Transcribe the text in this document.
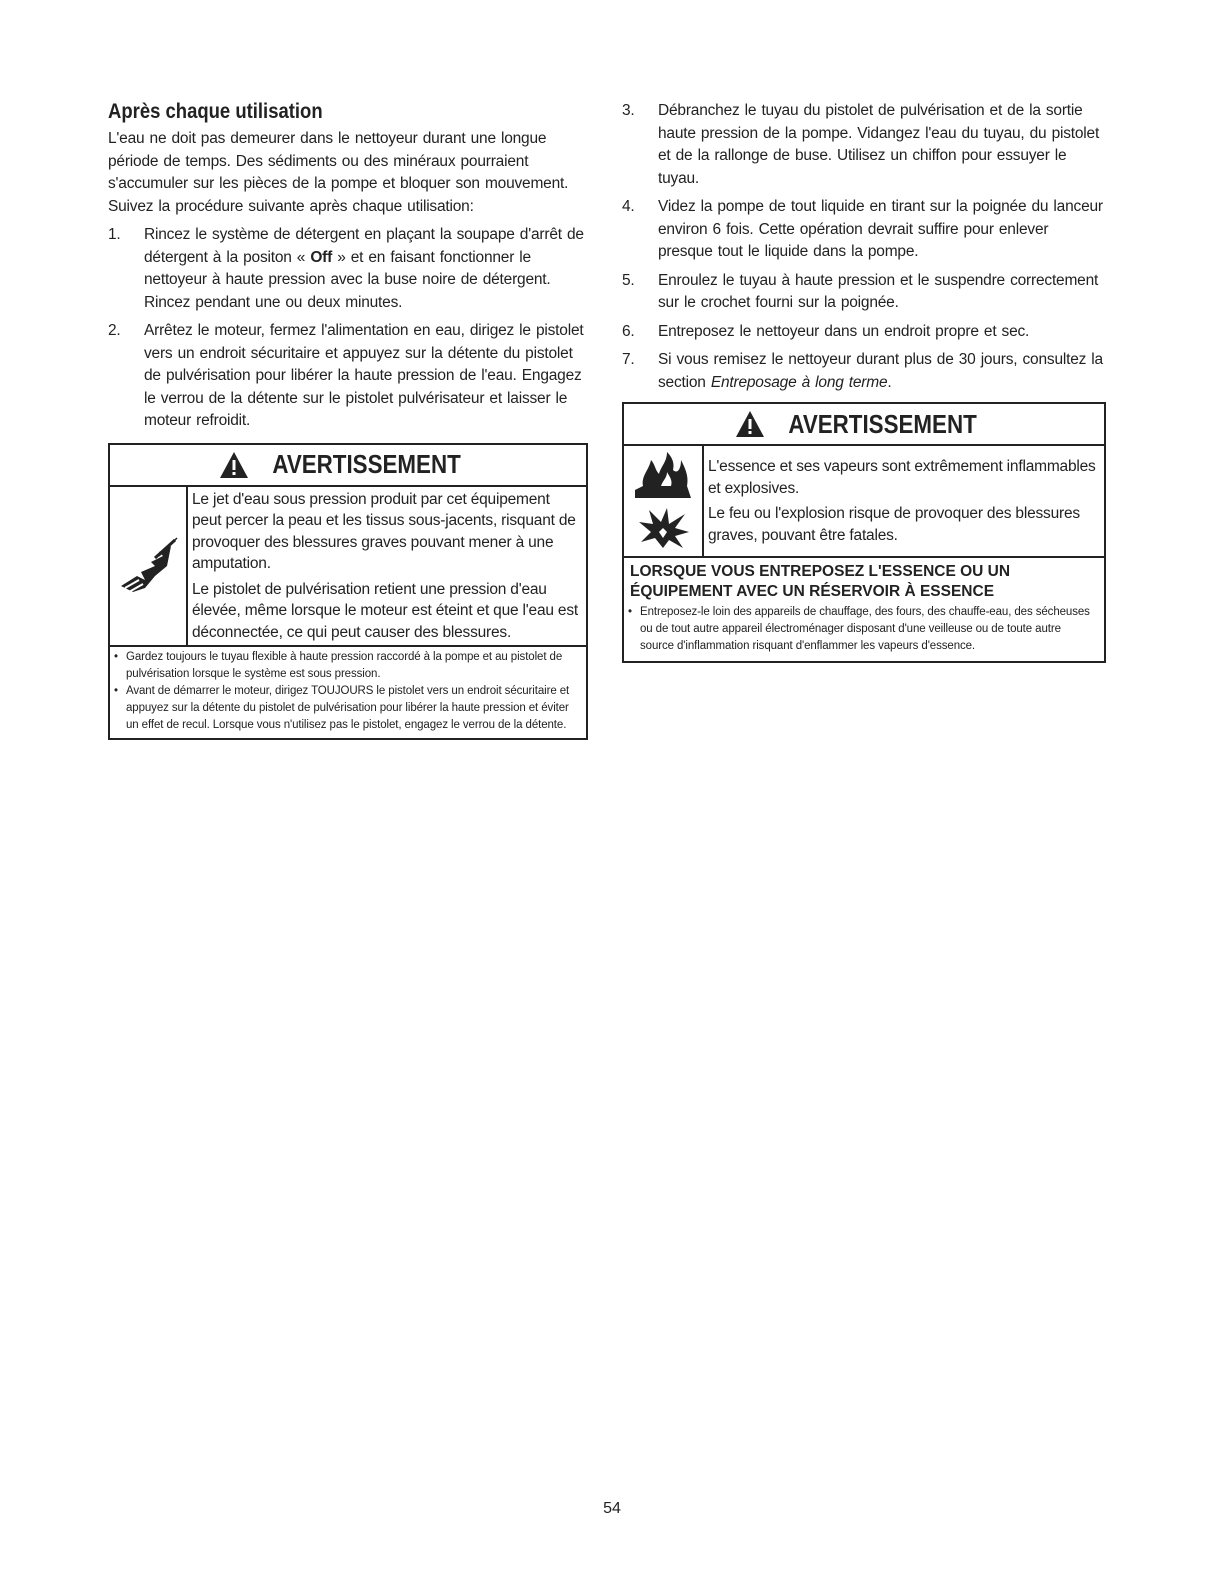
Après chaque utilisation

L'eau ne doit pas demeurer dans le nettoyeur durant une longue période de temps. Des sédiments ou des minéraux pourraient s'accumuler sur les pièces de la pompe et bloquer son mouvement. Suivez la procédure suivante après chaque utilisation:

1. Rincez le système de détergent en plaçant la soupape d'arrêt de détergent à la positon « Off » et en faisant fonctionner le nettoyeur à haute pression avec la buse noire de détergent. Rincez pendant une ou deux minutes.
2. Arrêtez le moteur, fermez l'alimentation en eau, dirigez le pistolet vers un endroit sécuritaire et appuyez sur la détente du pistolet de pulvérisation pour libérer la haute pression de l'eau. Engagez le verrou de la détente sur le pistolet pulvérisateur et laisser le moteur refroidit.
AVERTISSEMENT

Le jet d'eau sous pression produit par cet équipement peut percer la peau et les tissus sous-jacents, risquant de provoquer des blessures graves pouvant mener à une amputation.

Le pistolet de pulvérisation retient une pression d'eau élevée, même lorsque le moteur est éteint et que l'eau est déconnectée, ce qui peut causer des blessures.

• Gardez toujours le tuyau flexible à haute pression raccordé à la pompe et au pistolet de pulvérisation lorsque le système est sous pression.
• Avant de démarrer le moteur, dirigez TOUJOURS le pistolet vers un endroit sécuritaire et appuyez sur la détente du pistolet de pulvérisation pour libérer la haute pression et éviter un effet de recul. Lorsque vous n'utilisez pas le pistolet, engagez le verrou de la détente.
3. Débranchez le tuyau du pistolet de pulvérisation et de la sortie haute pression de la pompe. Vidangez l'eau du tuyau, du pistolet et de la rallonge de buse. Utilisez un chiffon pour essuyer le tuyau.
4. Videz la pompe de tout liquide en tirant sur la poignée du lanceur environ 6 fois. Cette opération devrait suffire pour enlever presque tout le liquide dans la pompe.
5. Enroulez le tuyau à haute pression et le suspendre correctement sur le crochet fourni sur la poignée.
6. Entreposez le nettoyeur dans un endroit propre et sec.
7. Si vous remisez le nettoyeur durant plus de 30 jours, consultez la section Entreposage à long terme.
AVERTISSEMENT

L'essence et ses vapeurs sont extrêmement inflammables et explosives.

Le feu ou l'explosion risque de provoquer des blessures graves, pouvant être fatales.

LORSQUE VOUS ENTREPOSEZ L'ESSENCE OU UN ÉQUIPEMENT AVEC UN RÉSERVOIR À ESSENCE
• Entreposez-le loin des appareils de chauffage, des fours, des chauffe-eau, des sécheuses ou de tout autre appareil électroménager disposant d'une veilleuse ou de toute autre source d'inflammation risquant d'enflammer les vapeurs d'essence.
54
